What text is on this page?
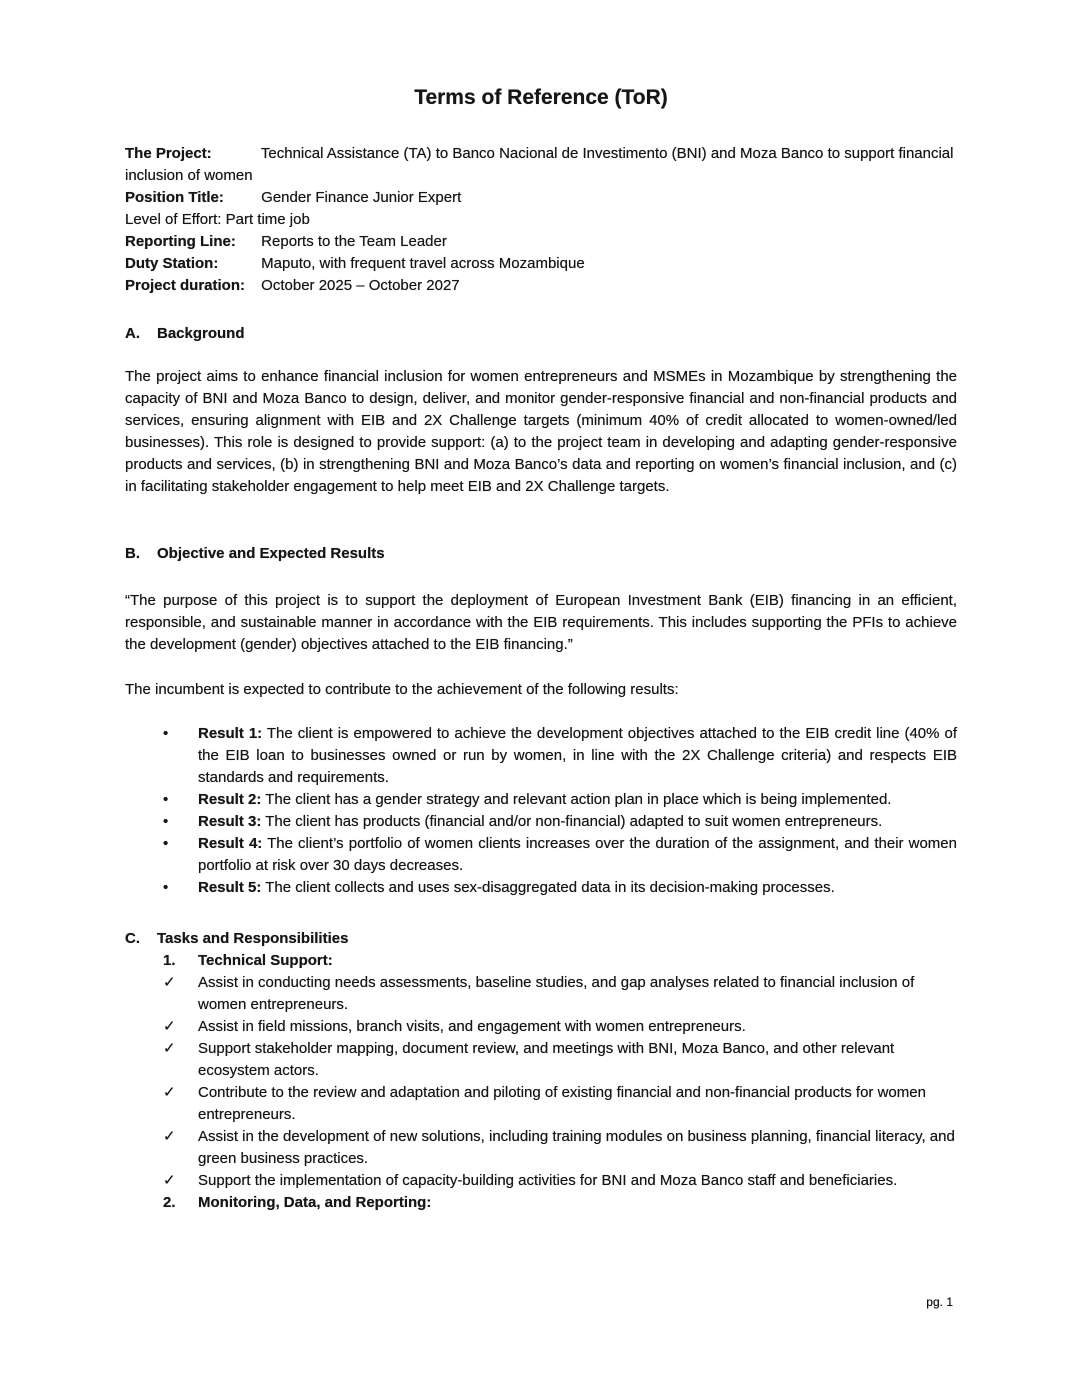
Terms of Reference (ToR)

The Project:	Technical Assistance (TA) to Banco Nacional de Investimento (BNI) and Moza Banco to support financial inclusion of women

Position Title: Gender Finance Junior Expert

Level of Effort: Part time job

Reporting Line: Reports to the Team Leader

Duty Station:	Maputo, with frequent travel across Mozambique

Project duration: October 2025 – October 2027

A.	Background

The project aims to enhance financial inclusion for women entrepreneurs and MSMEs in Mozambique by strengthening the capacity of BNI and Moza Banco to design, deliver, and monitor gender-responsive financial and non-financial products and services, ensuring alignment with EIB and 2X Challenge targets (minimum 40% of credit allocated to women-owned/led businesses). This role is designed to provide support: (a) to the project team in developing and adapting gender-responsive products and services, (b) in strengthening BNI and Moza Banco’s data and reporting on women’s financial inclusion, and (c) in facilitating stakeholder engagement to help meet EIB and 2X Challenge targets.

B.	Objective and Expected Results

“The purpose of this project is to support the deployment of European Investment Bank (EIB) financing in an efficient, responsible, and sustainable manner in accordance with the EIB requirements. This includes supporting the PFIs to achieve the development (gender) objectives attached to the EIB financing.”

The incumbent is expected to contribute to the achievement of the following results:

•	Result 1: The client is empowered to achieve the development objectives attached to the EIB credit line (40% of the EIB loan to businesses owned or run by women, in line with the 2X Challenge criteria) and respects EIB standards and requirements.

•	Result 2: The client has a gender strategy and relevant action plan in place which is being implemented.

•	Result 3: The client has products (financial and/or non-financial) adapted to suit women entrepreneurs.

•	Result 4: The client’s portfolio of women clients increases over the duration of the assignment, and their women portfolio at risk over 30 days decreases.

•	Result 5: The client collects and uses sex-disaggregated data in its decision-making processes.

C.	Tasks and Responsibilities

1.	Technical Support:

✓	Assist in conducting needs assessments, baseline studies, and gap analyses related to financial inclusion of women entrepreneurs.

✓	Assist in field missions, branch visits, and engagement with women entrepreneurs.

✓	Support stakeholder mapping, document review, and meetings with BNI, Moza Banco, and other relevant ecosystem actors.

✓	Contribute to the review and adaptation and piloting of existing financial and non-financial products for women entrepreneurs.

✓	Assist in the development of new solutions, including training modules on business planning, financial literacy, and green business practices.

✓	Support the implementation of capacity-building activities for BNI and Moza Banco staff and beneficiaries.

2.	Monitoring, Data, and Reporting:

pg. 1
